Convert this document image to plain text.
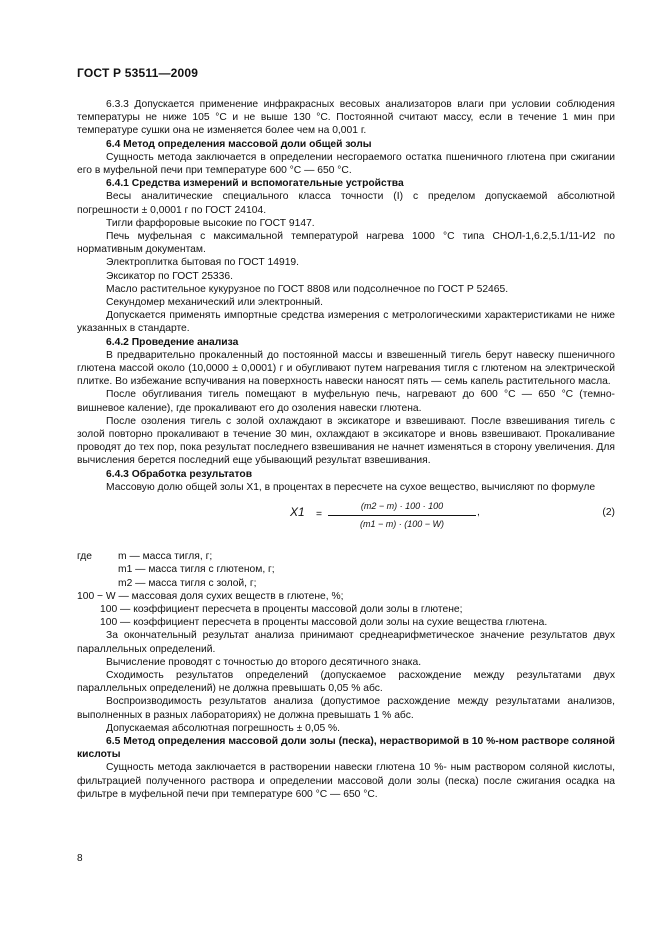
ГОСТ Р 53511—2009

6.3.3 Допускается применение инфракрасных весовых анализаторов влаги при условии соблюдения температуры не ниже 105 °С и не выше 130 °С. Постоянной считают массу, если в течение 1 мин при температуре сушки она не изменяется более чем на 0,001 г.

6.4 Метод определения массовой доли общей золы

Сущность метода заключается в определении несгораемого остатка пшеничного глютена при сжигании его в муфельной печи при температуре 600 °С — 650 °С.

6.4.1 Средства измерений и вспомогательные устройства

Весы аналитические специального класса точности (I) с пределом допускаемой абсолютной погрешности ± 0,0001 г по ГОСТ 24104.

Тигли фарфоровые высокие по ГОСТ 9147.

Печь муфельная с максимальной температурой нагрева 1000 °С типа СНОЛ-1,6.2,5.1/11-И2 по нормативным документам.

Электроплитка бытовая по ГОСТ 14919.

Эксикатор по ГОСТ 25336.

Масло растительное кукурузное по ГОСТ 8808 или подсолнечное по ГОСТ Р 52465.

Секундомер механический или электронный.

Допускается применять импортные средства измерения с метрологическими характеристиками не ниже указанных в стандарте.

6.4.2 Проведение анализа

В предварительно прокаленный до постоянной массы и взвешенный тигель берут навеску пшеничного глютена массой около (10,0000 ± 0,0001) г и обугливают путем нагревания тигля с глютеном на электрической плитке. Во избежание вспучивания на поверхность навески наносят пять — семь капель растительного масла.

После обугливания тигель помещают в муфельную печь, нагревают до 600 °С — 650 °С (темно-вишневое каление), где прокаливают его до озоления навески глютена.

После озоления тигель с золой охлаждают в эксикаторе и взвешивают. После взвешивания тигель с золой повторно прокаливают в течение 30 мин, охлаждают в эксикаторе и вновь взвешивают. Прокаливание проводят до тех пор, пока результат последнего взвешивания не начнет изменяться в сторону увеличения. Для вычисления берется последний еще убывающий результат взвешивания.

6.4.3 Обработка результатов

Массовую долю общей золы X1, в процентах в пересчете на сухое вещество, вычисляют по формуле

X1 =
(m2 − m) · 100 · 100
(m1 − m) · (100 − W)
,	(2)
где	m — масса тигля, г;
m1 — масса тигля с глютеном, г;
m2 — масса тигля с золой, г;
100 − W — массовая доля сухих веществ в глютене, %;
100 — коэффициент пересчета в проценты массовой доли золы в глютене;
100 — коэффициент пересчета в проценты массовой доли золы на сухие вещества глютена.

За окончательный результат анализа принимают среднеарифметическое значение результатов двух параллельных определений.

Вычисление проводят с точностью до второго десятичного знака.

Сходимость результатов определений (допускаемое расхождение между результатами двух параллельных определений) не должна превышать 0,05 % абс.

Воспроизводимость результатов анализа (допустимое расхождение между результатами анализов, выполненных в разных лабораториях) не должна превышать 1 % абс.

Допускаемая абсолютная погрешность ± 0,05 %.

6.5 Метод определения массовой доли золы (песка), нерастворимой в 10 %-ном растворе соляной кислоты

Сущность метода заключается в растворении навески глютена 10 %- ным раствором соляной кислоты, фильтрацией полученного раствора и определении массовой доли золы (песка) после сжигания осадка на фильтре в муфельной печи при температуре 600 °С — 650 °С.

8
